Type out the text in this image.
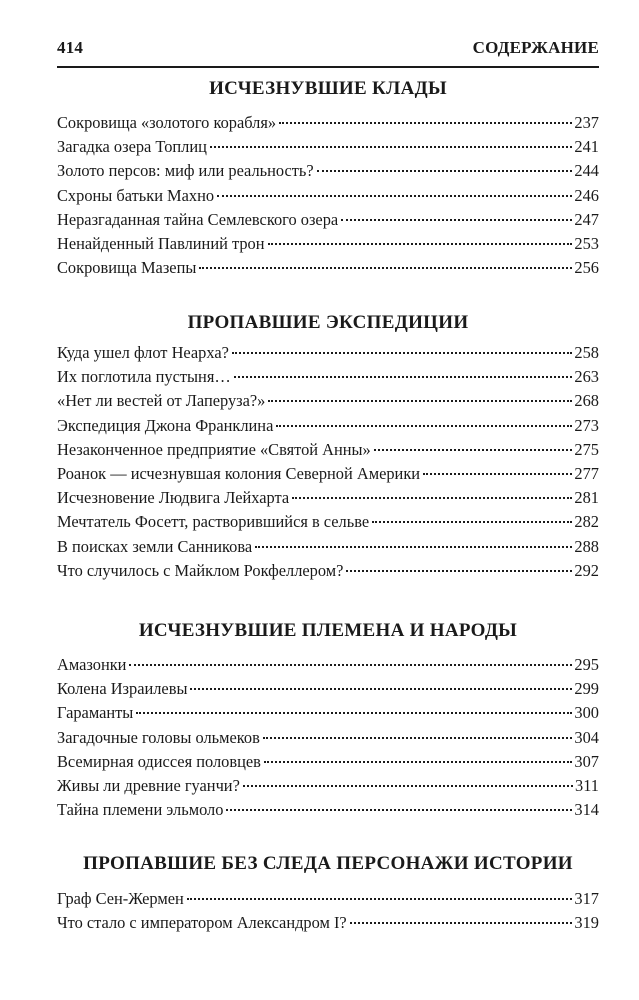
414	СОДЕРЖАНИЕ
ИСЧЕЗНУВШИЕ КЛАДЫ
Сокровища «золотого корабля»	237
Загадка озера Топлиц	241
Золото персов: миф или реальность?	244
Схроны батьки Махно	246
Неразгаданная тайна Семлевского озера	247
Ненайденный Павлиний трон	253
Сокровища Мазепы	256
ПРОПАВШИЕ ЭКСПЕДИЦИИ
Куда ушел флот Неарха?	258
Их поглотила пустыня…	263
«Нет ли вестей от Лаперуза?»	268
Экспедиция Джона Франклина	273
Незаконченное предприятие «Святой Анны»	275
Роанок — исчезнувшая колония Северной Америки	277
Исчезновение Людвига Лейхарта	281
Мечтатель Фосетт, растворившийся в сельве	282
В поисках земли Санникова	288
Что случилось с Майклом Рокфеллером?	292
ИСЧЕЗНУВШИЕ ПЛЕМЕНА И НАРОДЫ
Амазонки	295
Колена Израилевы	299
Гараманты	300
Загадочные головы ольмеков	304
Всемирная одиссея половцев	307
Живы ли древние гуанчи?	311
Тайна племени эльмоло	314
ПРОПАВШИЕ БЕЗ СЛЕДА ПЕРСОНАЖИ ИСТОРИИ
Граф Сен-Жермен	317
Что стало с императором Александром I?	319
